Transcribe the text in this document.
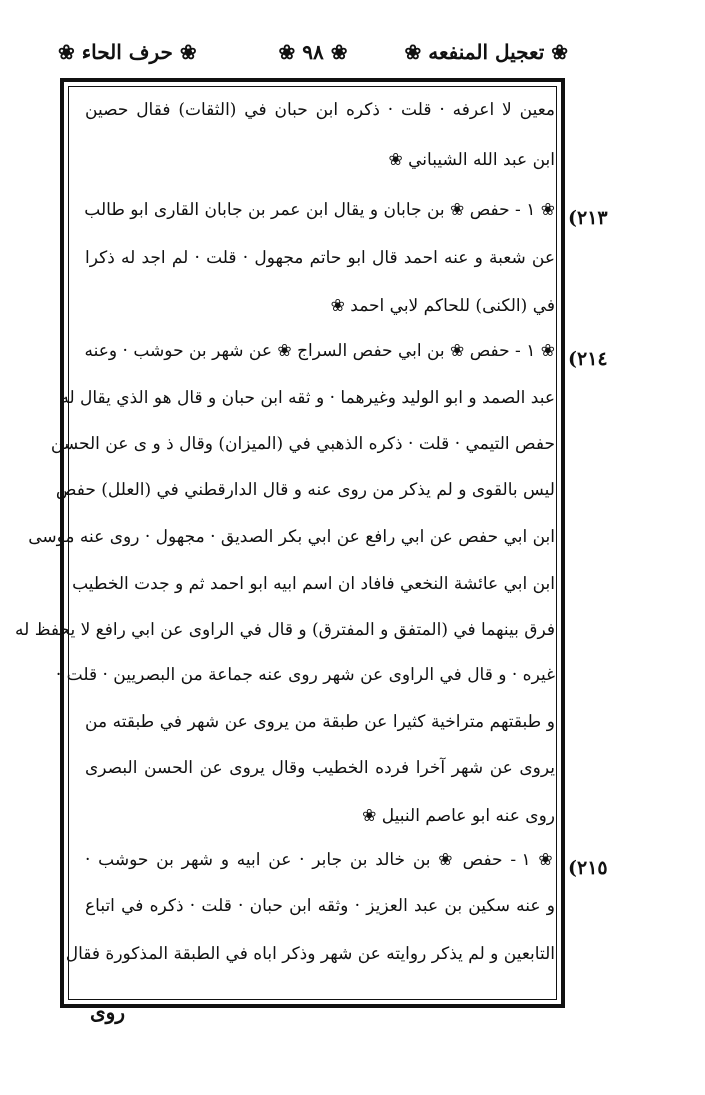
❀ تعجيل المنفعه ❀
❀ ٩٨ ❀
❀ حرف الحاء ❀
معين لا اعرفه · قلت · ذكره ابن حبان في (الثقات) فقال حصين
ابن عبد الله الشيباني ❀
❀ ١ - حفص ❀ بن جابان و يقال ابن عمر بن جابان القارى ابو طالب
عن شعبة و عنه احمد قال ابو حاتم مجهول · قلت · لم اجد له ذكرا
في (الكنى) للحاكم لابي احمد ❀
❀ ١ - حفص ❀ بن ابي حفص السراج ❀ عن شهر بن حوشب · وعنه
عبد الصمد و ابو الوليد وغيرهما · و ثقه ابن حبان و قال هو الذي يقال له
حفص التيمي · قلت · ذكره الذهبي في (الميزان) وقال ذ و ى عن الحسن
ليس بالقوى و لم يذكر من روى عنه و قال الدارقطني في (العلل) حفص
ابن ابي حفص عن ابي رافع عن ابي بكر الصديق · مجهول · روى عنه موسى
ابن ابي عائشة النخعي فافاد ان اسم ابيه ابو احمد ثم و جدت الخطيب
فرق بينهما في (المتفق و المفترق) و قال في الراوى عن ابي رافع لا يحفظ له
غيره · و قال في الراوى عن شهر روى عنه جماعة من البصريين · قلت ·
و طبقتهم متراخية كثيرا عن طبقة من يروى عن شهر في طبقته من
يروى عن شهر آخرا فرده الخطيب وقال يروى عن الحسن البصرى
روى عنه ابو عاصم النبيل ❀
❀ ١ - حفص ❀ بن خالد بن جابر · عن ابيه و شهر بن حوشب ·
و عنه سكين بن عبد العزيز · وثقه ابن حبان · قلت · ذكره في اتباع
التابعين و لم يذكر روايته عن شهر وذكر اباه في الطبقة المذكورة فقال
(٢١٣
(٢١٤
(٢١٥
روى
